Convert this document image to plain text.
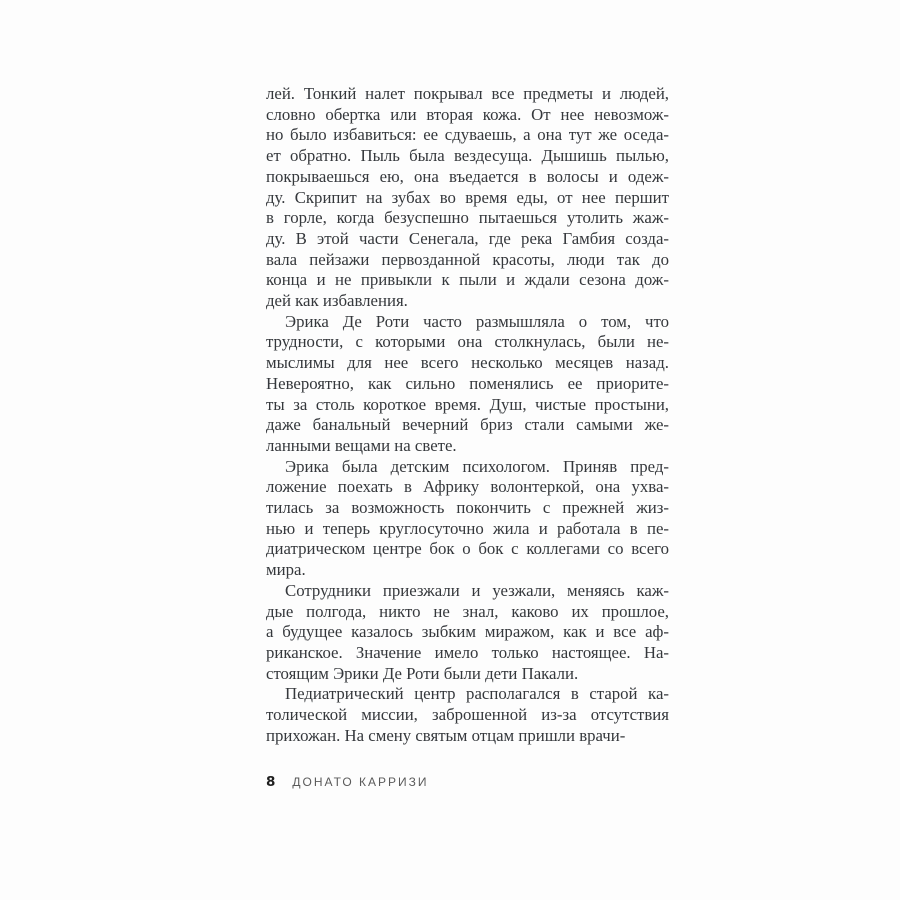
лей. Тонкий налет покрывал все предметы и людей,
словно обертка или вторая кожа. От нее невозмож-
но было избавиться: ее сдуваешь, а она тут же оседа-
ет обратно. Пыль была вездесуща. Дышишь пылью,
покрываешься ею, она въедается в волосы и одеж-
ду. Скрипит на зубах во время еды, от нее першит
в горле, когда безуспешно пытаешься утолить жаж-
ду. В этой части Сенегала, где река Гамбия созда-
вала пейзажи первозданной красоты, люди так до
конца и не привыкли к пыли и ждали сезона дож-
дей как избавления.

Эрика Де Роти часто размышляла о том, что
трудности, с которыми она столкнулась, были не-
мыслимы для нее всего несколько месяцев назад.
Невероятно, как сильно поменялись ее приорите-
ты за столь короткое время. Душ, чистые простыни,
даже банальный вечерний бриз стали самыми же-
ланными вещами на свете.

Эрика была детским психологом. Приняв пред-
ложение поехать в Африку волонтеркой, она ухва-
тилась за возможность покончить с прежней жиз-
нью и теперь круглосуточно жила и работала в пе-
диатрическом центре бок о бок с коллегами со всего
мира.

Сотрудники приезжали и уезжали, меняясь каж-
дые полгода, никто не знал, каково их прошлое,
а будущее казалось зыбким миражом, как и все аф-
риканское. Значение имело только настоящее. На-
стоящим Эрики Де Роти были дети Пакали.

Педиатрический центр располагался в старой ка-
толической миссии, заброшенной из-за отсутствия
прихожан. На смену святым отцам пришли врачи-

8 ДОНАТО КАРРИЗИ
